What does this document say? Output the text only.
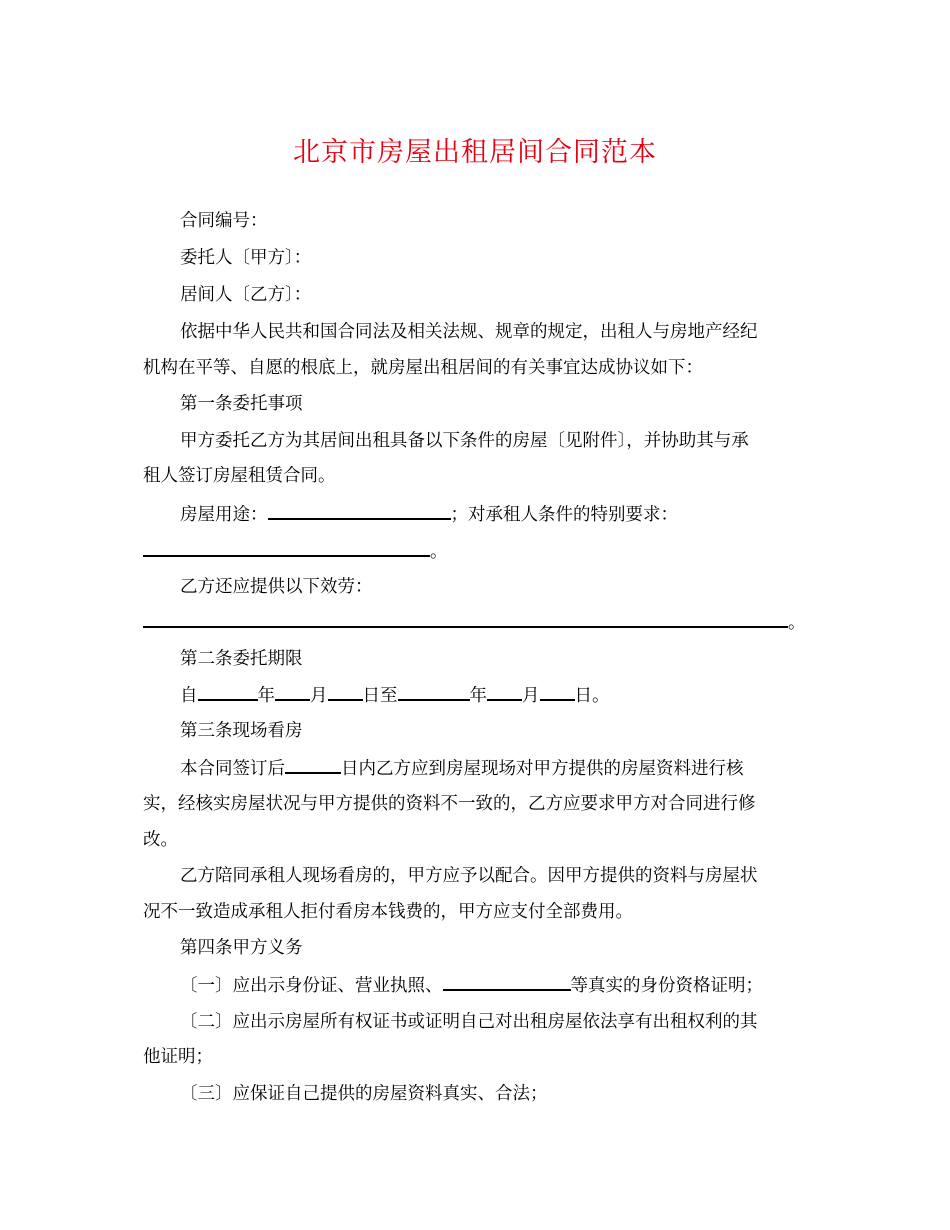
北京市房屋出租居间合同范本
合同编号：
委托人〔甲方〕：
居间人〔乙方〕：
依据中华人民共和国合同法及相关法规、规章的规定，出租人与房地产经纪
机构在平等、自愿的根底上，就房屋出租居间的有关事宜达成协议如下：
第一条委托事项
甲方委托乙方为其居间出租具备以下条件的房屋〔见附件〕，并协助其与承
租人签订房屋租赁合同。
房屋用途：	；对承租人条件的特别要求：
。
乙方还应提供以下效劳：
。
第二条委托期限
自	年 月 日至	年 月 日。
第三条现场看房
本合同签订后	日内乙方应到房屋现场对甲方提供的房屋资料进行核
实，经核实房屋状况与甲方提供的资料不一致的，乙方应要求甲方对合同进行修
改。
乙方陪同承租人现场看房的，甲方应予以配合。因甲方提供的资料与房屋状
况不一致造成承租人拒付看房本钱费的，甲方应支付全部费用。
第四条甲方义务
〔一〕应出示身份证、营业执照、	等真实的身份资格证明；
〔二〕应出示房屋所有权证书或证明自己对出租房屋依法享有出租权利的其
他证明；
〔三〕应保证自己提供的房屋资料真实、合法；
